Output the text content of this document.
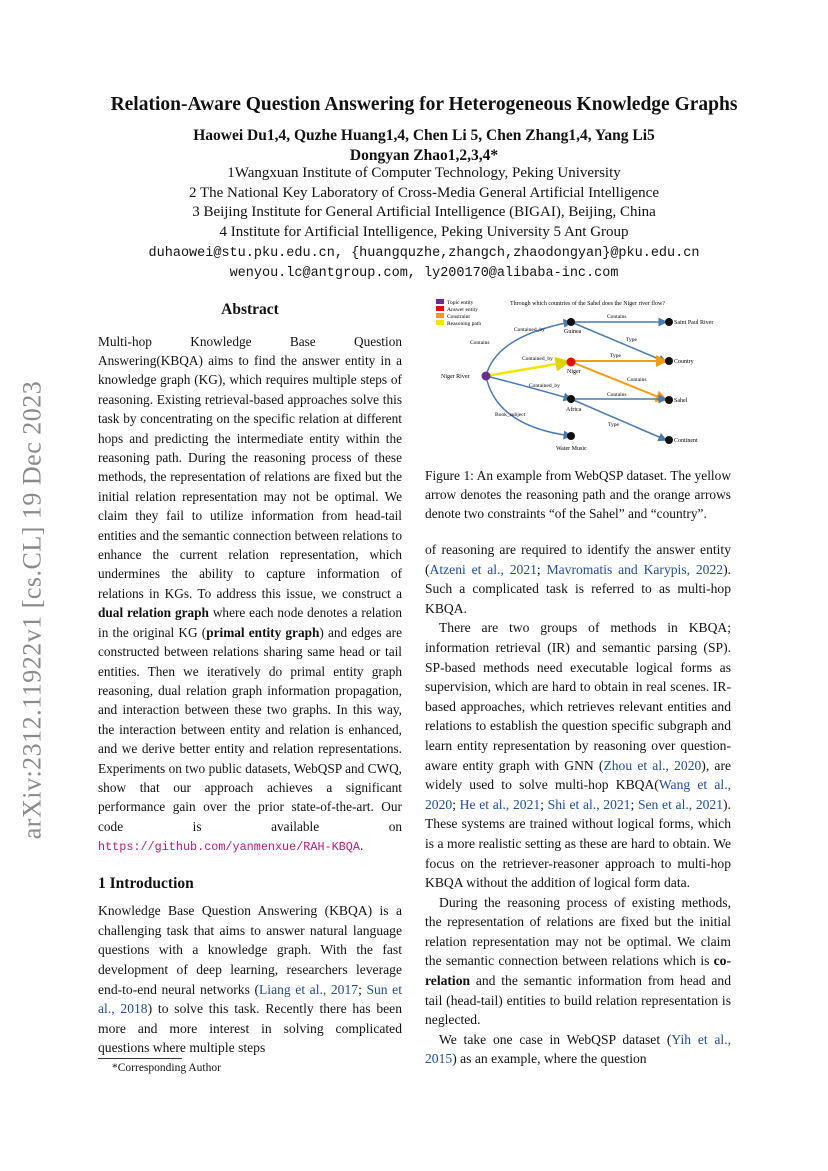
arXiv:2312.11922v1 [cs.CL] 19 Dec 2023
Relation-Aware Question Answering for Heterogeneous Knowledge Graphs
Haowei Du1,4, Quzhe Huang1,4, Chen Li 5, Chen Zhang1,4, Yang Li5
Dongyan Zhao1,2,3,4*
1Wangxuan Institute of Computer Technology, Peking University
2 The National Key Laboratory of Cross-Media General Artificial Intelligence
3 Beijing Institute for General Artificial Intelligence (BIGAI), Beijing, China
4 Institute for Artificial Intelligence, Peking University 5 Ant Group
duhaowei@stu.pku.edu.cn, {huangquzhe,zhangch,zhaodongyan}@pku.edu.cn
wenyou.lc@antgroup.com, ly200170@alibaba-inc.com
Abstract

Multi-hop Knowledge Base Question Answering(KBQA) aims to find the answer entity in a knowledge graph (KG), which requires multiple steps of reasoning. Existing retrieval-based approaches solve this task by concentrating on the specific relation at different hops and predicting the intermediate entity within the reasoning path. During the reasoning process of these methods, the representation of relations are fixed but the initial relation representation may not be optimal. We claim they fail to utilize information from head-tail entities and the semantic connection between relations to enhance the current relation representation, which undermines the ability to capture information of relations in KGs. To address this issue, we construct a dual relation graph where each node denotes a relation in the original KG (primal entity graph) and edges are constructed between relations sharing same head or tail entities. Then we iteratively do primal entity graph reasoning, dual relation graph information propagation, and interaction between these two graphs. In this way, the interaction between entity and relation is enhanced, and we derive better entity and relation representations. Experiments on two public datasets, WebQSP and CWQ, show that our approach achieves a significant performance gain over the prior state-of-the-art. Our code is available on https://github.com/yanmenxue/RAH-KBQA.

1 Introduction

Knowledge Base Question Answering (KBQA) is a challenging task that aims to answer natural language questions with a knowledge graph. With the fast development of deep learning, researchers leverage end-to-end neural networks (Liang et al., 2017; Sun et al., 2018) to solve this task. Recently there has been more and more interest in solving complicated questions where multiple steps

*Corresponding Author
Topic entity
Answer entity
Constraint
Reasoning path
Through which countries of the Sahel does the Niger river flow?
Contains
Contained_by
Contains
Type
Contained_by	Type
Contains
Contained_by
Contains
Book_subject
Type
Niger River
Guinea
Niger
Africa
Water Music
Saint Paul River
Country
Sahel
Continent
Figure 1: An example from WebQSP dataset. The yellow arrow denotes the reasoning path and the orange arrows denote two constraints “of the Sahel” and “country”.

of reasoning are required to identify the answer entity (Atzeni et al., 2021; Mavromatis and Karypis, 2022). Such a complicated task is referred to as multi-hop KBQA.

There are two groups of methods in KBQA; information retrieval (IR) and semantic parsing (SP). SP-based methods need executable logical forms as supervision, which are hard to obtain in real scenes. IR-based approaches, which retrieves relevant entities and relations to establish the question specific subgraph and learn entity representation by reasoning over question-aware entity graph with GNN (Zhou et al., 2020), are widely used to solve multi-hop KBQA(Wang et al., 2020; He et al., 2021; Shi et al., 2021; Sen et al., 2021). These systems are trained without logical forms, which is a more realistic setting as these are hard to obtain. We focus on the retriever-reasoner approach to multi-hop KBQA without the addition of logical form data.

During the reasoning process of existing methods, the representation of relations are fixed but the initial relation representation may not be optimal. We claim the semantic connection between relations which is co-relation and the semantic information from head and tail (head-tail) entities to build relation representation is neglected.

We take one case in WebQSP dataset (Yih et al., 2015) as an example, where the question
